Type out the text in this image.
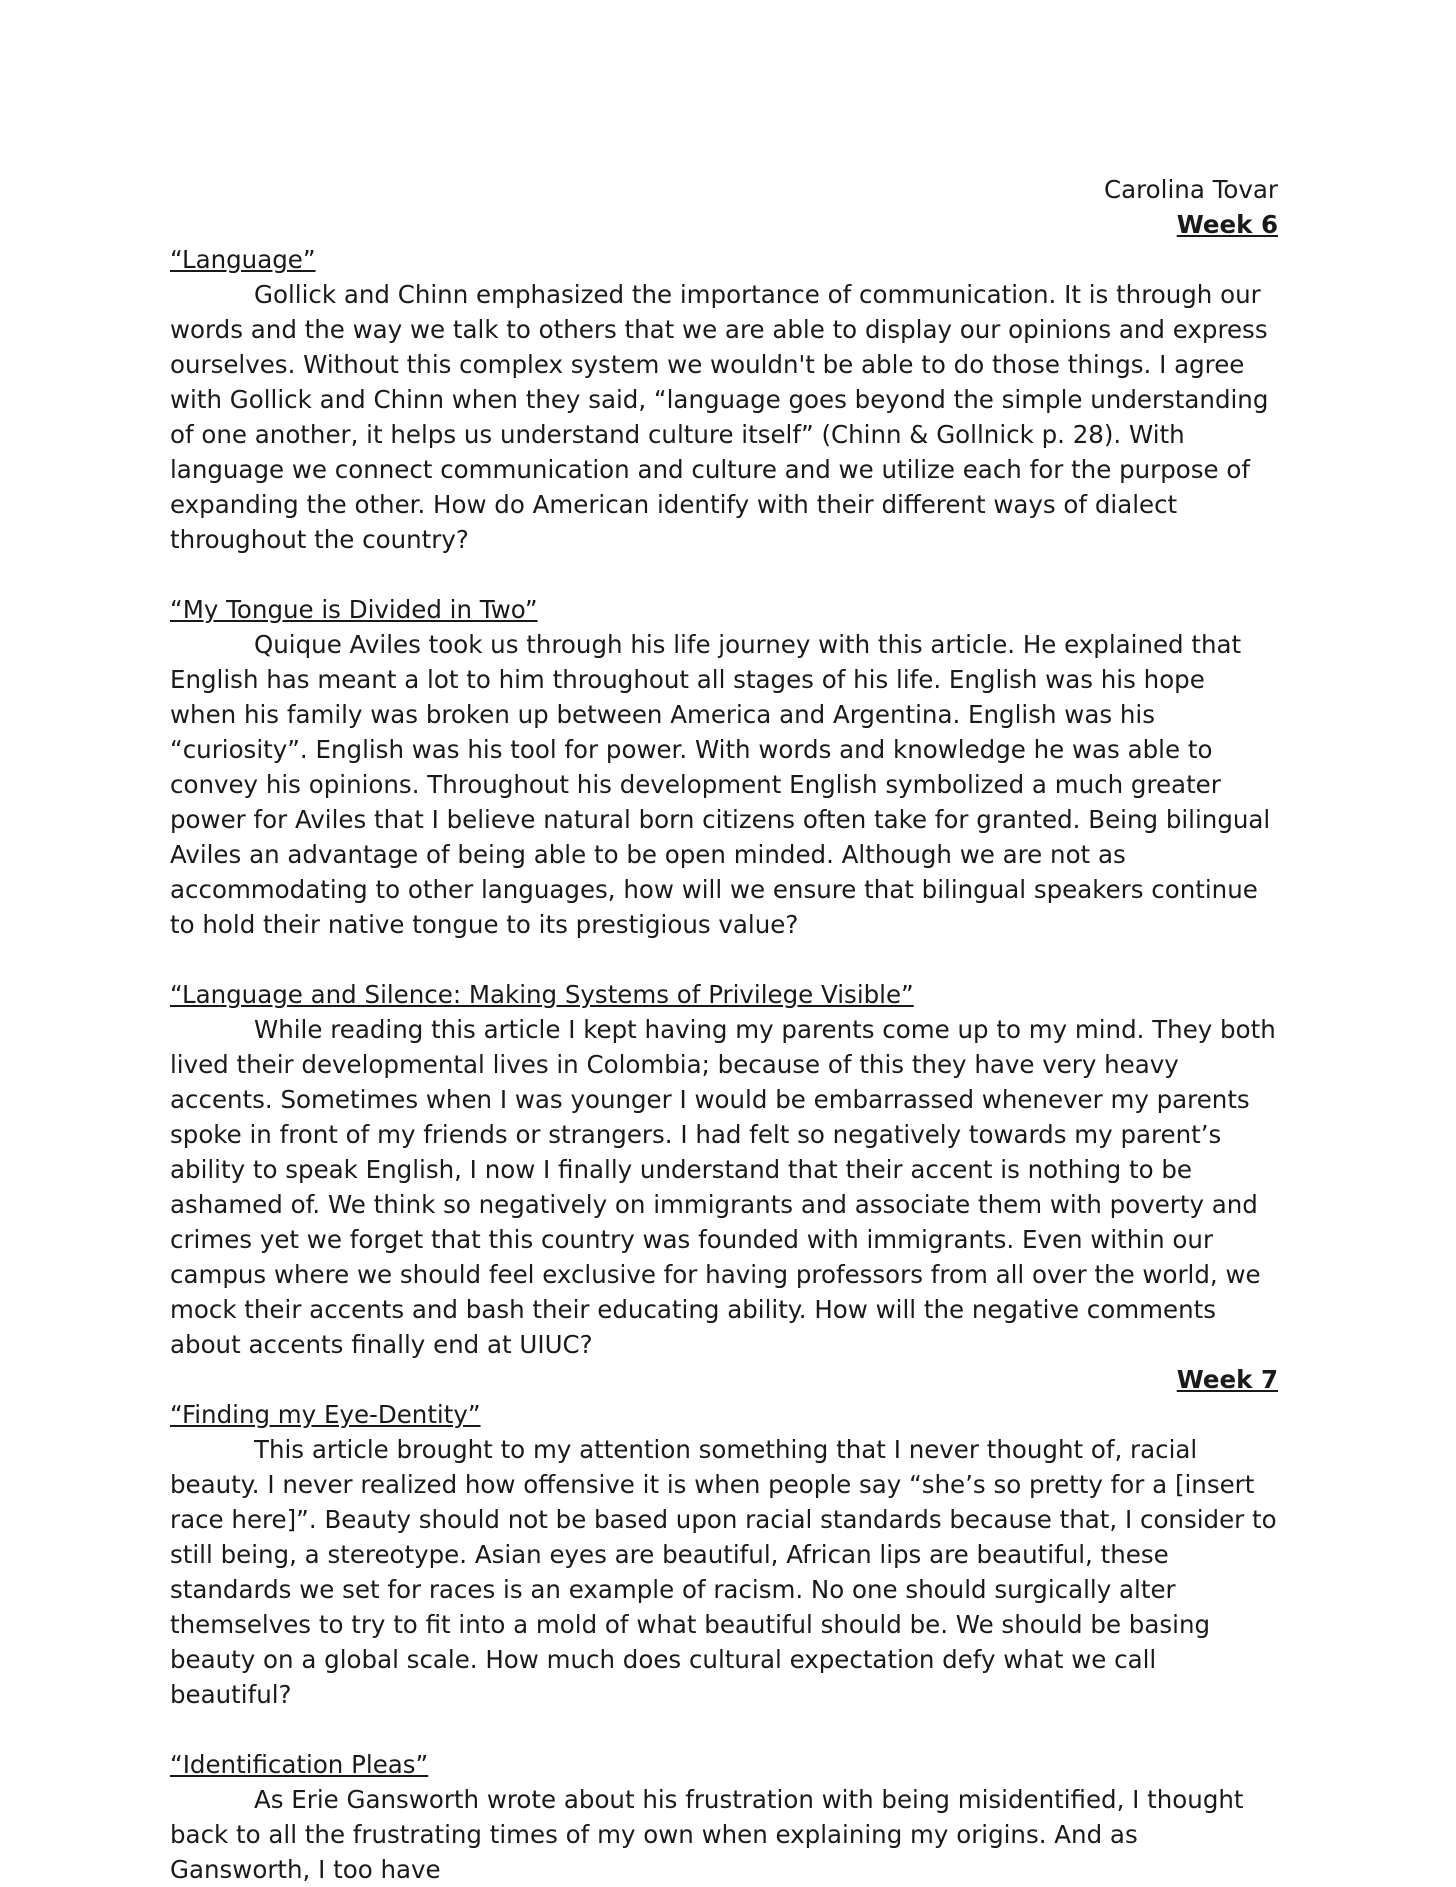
Carolina Tovar
Week 6
“Language”

Gollick and Chinn emphasized the importance of communication. It is through our words and the way we talk to others that we are able to display our opinions and express ourselves. Without this complex system we wouldn't be able to do those things. I agree with Gollick and Chinn when they said, “language goes beyond the simple understanding of one another, it helps us understand culture itself” (Chinn & Gollnick p. 28). With language we connect communication and culture and we utilize each for the purpose of expanding the other. How do American identify with their different ways of dialect throughout the country?

“My Tongue is Divided in Two”

Quique Aviles took us through his life journey with this article. He explained that English has meant a lot to him throughout all stages of his life. English was his hope when his family was broken up between America and Argentina. English was his “curiosity”. English was his tool for power. With words and knowledge he was able to convey his opinions. Throughout his development English symbolized a much greater power for Aviles that I believe natural born citizens often take for granted. Being bilingual Aviles an advantage of being able to be open minded. Although we are not as accommodating to other languages, how will we ensure that bilingual speakers continue to hold their native tongue to its prestigious value?

“Language and Silence: Making Systems of Privilege Visible”

While reading this article I kept having my parents come up to my mind. They both lived their developmental lives in Colombia; because of this they have very heavy accents. Sometimes when I was younger I would be embarrassed whenever my parents spoke in front of my friends or strangers. I had felt so negatively towards my parent’s ability to speak English, I now I finally understand that their accent is nothing to be ashamed of. We think so negatively on immigrants and associate them with poverty and crimes yet we forget that this country was founded with immigrants. Even within our campus where we should feel exclusive for having professors from all over the world, we mock their accents and bash their educating ability. How will the negative comments about accents finally end at UIUC?

Week 7
“Finding my Eye-Dentity”

This article brought to my attention something that I never thought of, racial beauty. I never realized how offensive it is when people say “she’s so pretty for a [insert race here]”. Beauty should not be based upon racial standards because that, I consider to still being, a stereotype. Asian eyes are beautiful, African lips are beautiful, these standards we set for races is an example of racism. No one should surgically alter themselves to try to fit into a mold of what beautiful should be. We should be basing beauty on a global scale. How much does cultural expectation defy what we call beautiful?

“Identification Pleas”

As Erie Gansworth wrote about his frustration with being misidentified, I thought back to all the frustrating times of my own when explaining my origins. And as Gansworth, I too have
